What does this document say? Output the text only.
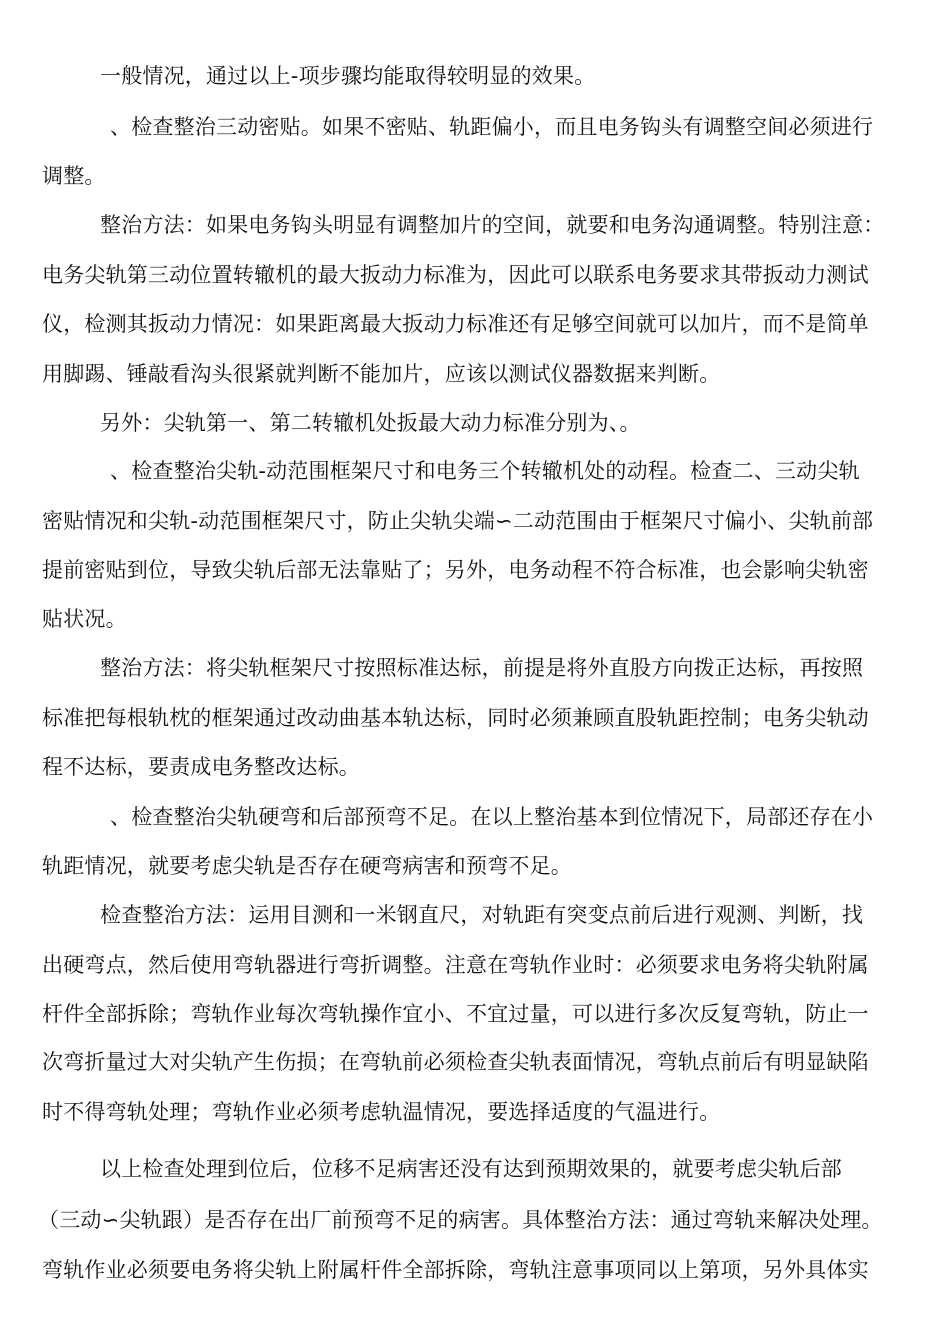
一般情况，通过以上-项步骤均能取得较明显的效果。
、检查整治三动密贴。如果不密贴、轨距偏小，而且电务钩头有调整空间必须进行
调整。
整治方法：如果电务钩头明显有调整加片的空间，就要和电务沟通调整。特别注意：
电务尖轨第三动位置转辙机的最大扳动力标准为，因此可以联系电务要求其带扳动力测试
仪，检测其扳动力情况：如果距离最大扳动力标准还有足够空间就可以加片，而不是简单
用脚踢、锤敲看沟头很紧就判断不能加片，应该以测试仪器数据来判断。
另外：尖轨第一、第二转辙机处扳最大动力标准分别为、。
、检查整治尖轨-动范围框架尺寸和电务三个转辙机处的动程。检查二、三动尖轨
密贴情况和尖轨-动范围框架尺寸，防止尖轨尖端∽二动范围由于框架尺寸偏小、尖轨前部
提前密贴到位，导致尖轨后部无法靠贴了；另外，电务动程不符合标准，也会影响尖轨密
贴状况。
整治方法：将尖轨框架尺寸按照标准达标，前提是将外直股方向拨正达标，再按照
标准把每根轨枕的框架通过改动曲基本轨达标，同时必须兼顾直股轨距控制；电务尖轨动
程不达标，要责成电务整改达标。
、检查整治尖轨硬弯和后部预弯不足。在以上整治基本到位情况下，局部还存在小
轨距情况，就要考虑尖轨是否存在硬弯病害和预弯不足。
检查整治方法：运用目测和一米钢直尺，对轨距有突变点前后进行观测、判断，找
出硬弯点，然后使用弯轨器进行弯折调整。注意在弯轨作业时：必须要求电务将尖轨附属
杆件全部拆除；弯轨作业每次弯轨操作宜小、不宜过量，可以进行多次反复弯轨，防止一
次弯折量过大对尖轨产生伤损；在弯轨前必须检查尖轨表面情况，弯轨点前后有明显缺陷
时不得弯轨处理；弯轨作业必须考虑轨温情况，要选择适度的气温进行。
以上检查处理到位后，位移不足病害还没有达到预期效果的，就要考虑尖轨后部
（三动∽尖轨跟）是否存在出厂前预弯不足的病害。具体整治方法：通过弯轨来解决处理。
弯轨作业必须要电务将尖轨上附属杆件全部拆除，弯轨注意事项同以上第项，另外具体实
